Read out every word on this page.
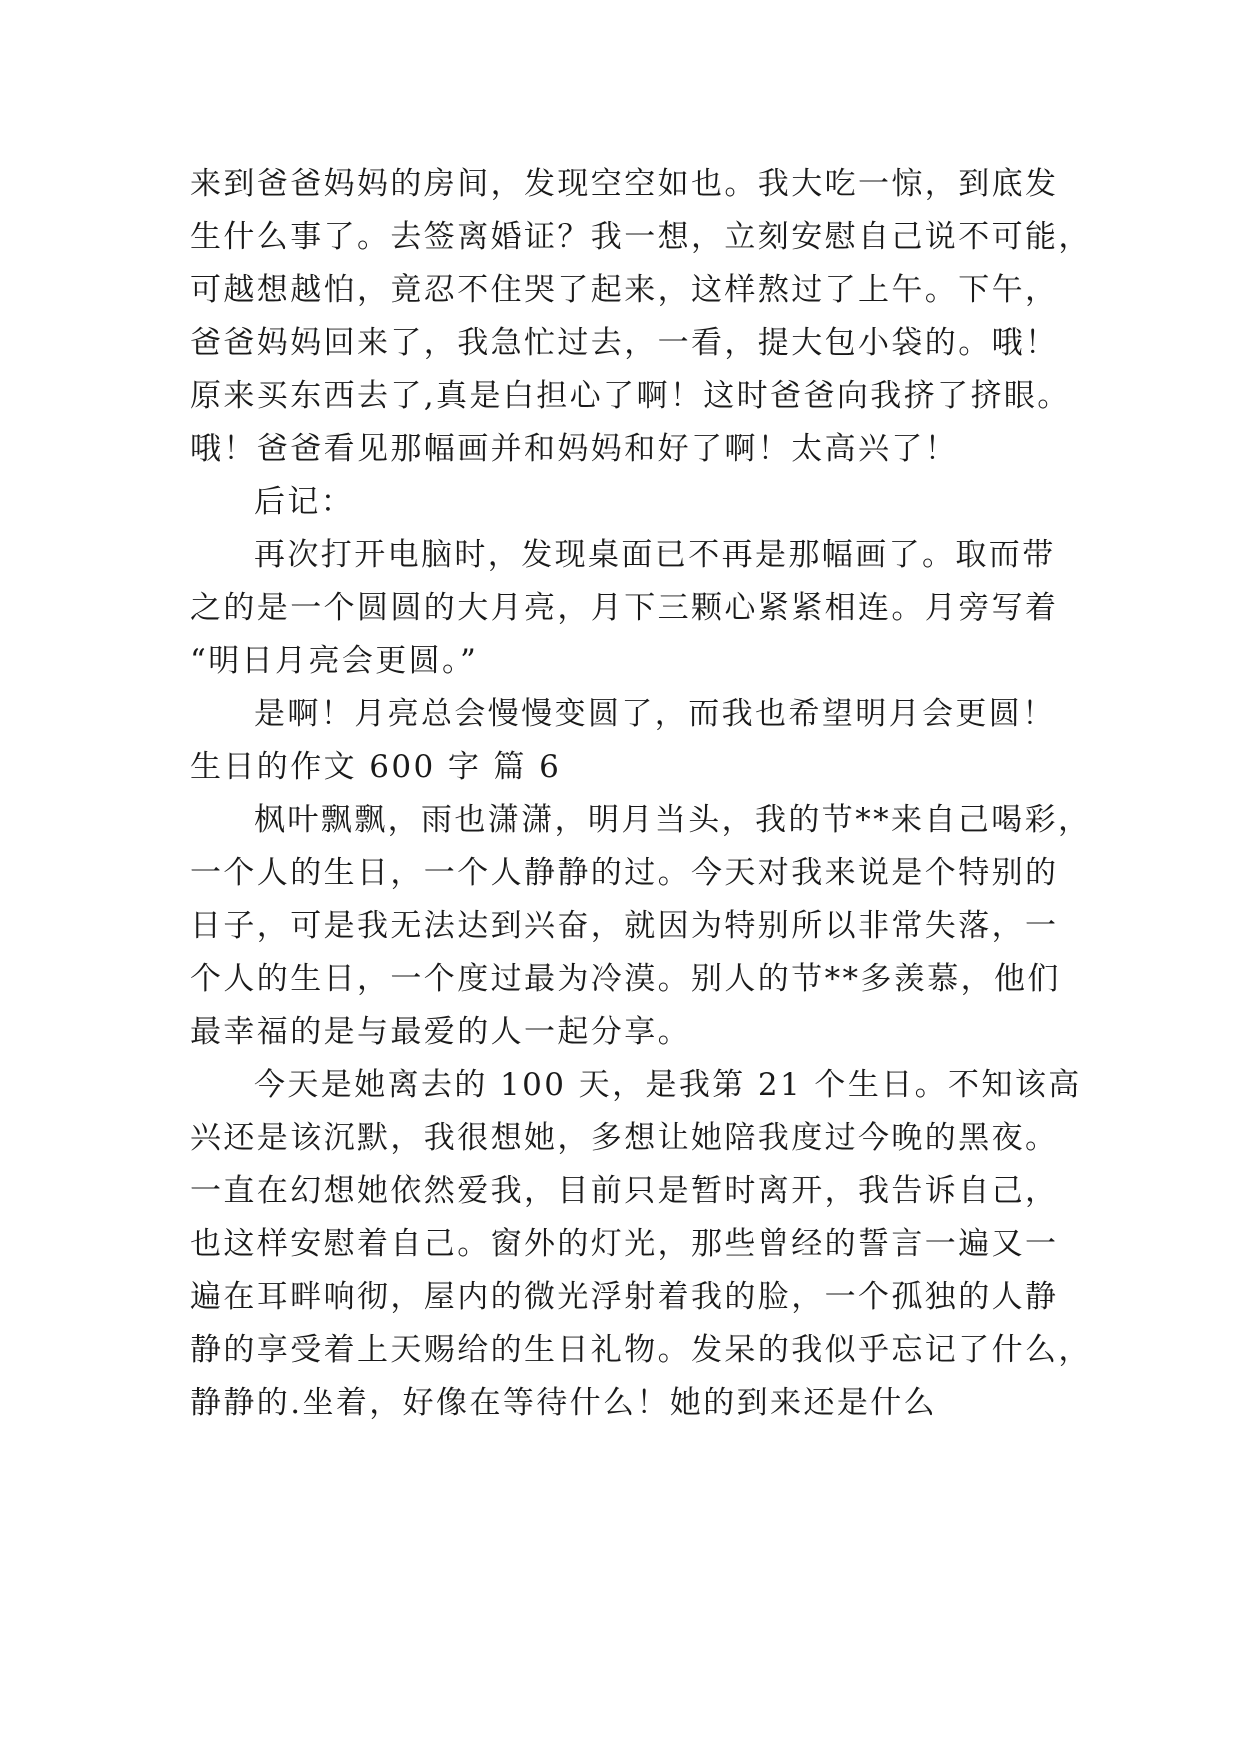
来到爸爸妈妈的房间，发现空空如也。我大吃一惊，到底发
生什么事了。去签离婚证？我一想，立刻安慰自己说不可能，
可越想越怕，竟忍不住哭了起来，这样熬过了上午。下午，
爸爸妈妈回来了，我急忙过去，一看，提大包小袋的。哦！
原来买东西去了,真是白担心了啊！这时爸爸向我挤了挤眼。
哦！爸爸看见那幅画并和妈妈和好了啊！太高兴了！
后记：
再次打开电脑时，发现桌面已不再是那幅画了。取而带
之的是一个圆圆的大月亮，月下三颗心紧紧相连。月旁写着
“明日月亮会更圆。”
是啊！月亮总会慢慢变圆了，而我也希望明月会更圆！
生日的作文 600 字 篇 6
枫叶飘飘，雨也潇潇，明月当头，我的节**来自己喝彩，
一个人的生日，一个人静静的过。今天对我来说是个特别的
日子，可是我无法达到兴奋，就因为特别所以非常失落，一
个人的生日，一个度过最为冷漠。别人的节**多羡慕，他们
最幸福的是与最爱的人一起分享。
今天是她离去的 100 天，是我第 21 个生日。不知该高
兴还是该沉默，我很想她，多想让她陪我度过今晚的黑夜。
一直在幻想她依然爱我，目前只是暂时离开，我告诉自己，
也这样安慰着自己。窗外的灯光，那些曾经的誓言一遍又一
遍在耳畔响彻，屋内的微光浮射着我的脸，一个孤独的人静
静的享受着上天赐给的生日礼物。发呆的我似乎忘记了什么，
静静的.坐着，好像在等待什么！她的到来还是什么
